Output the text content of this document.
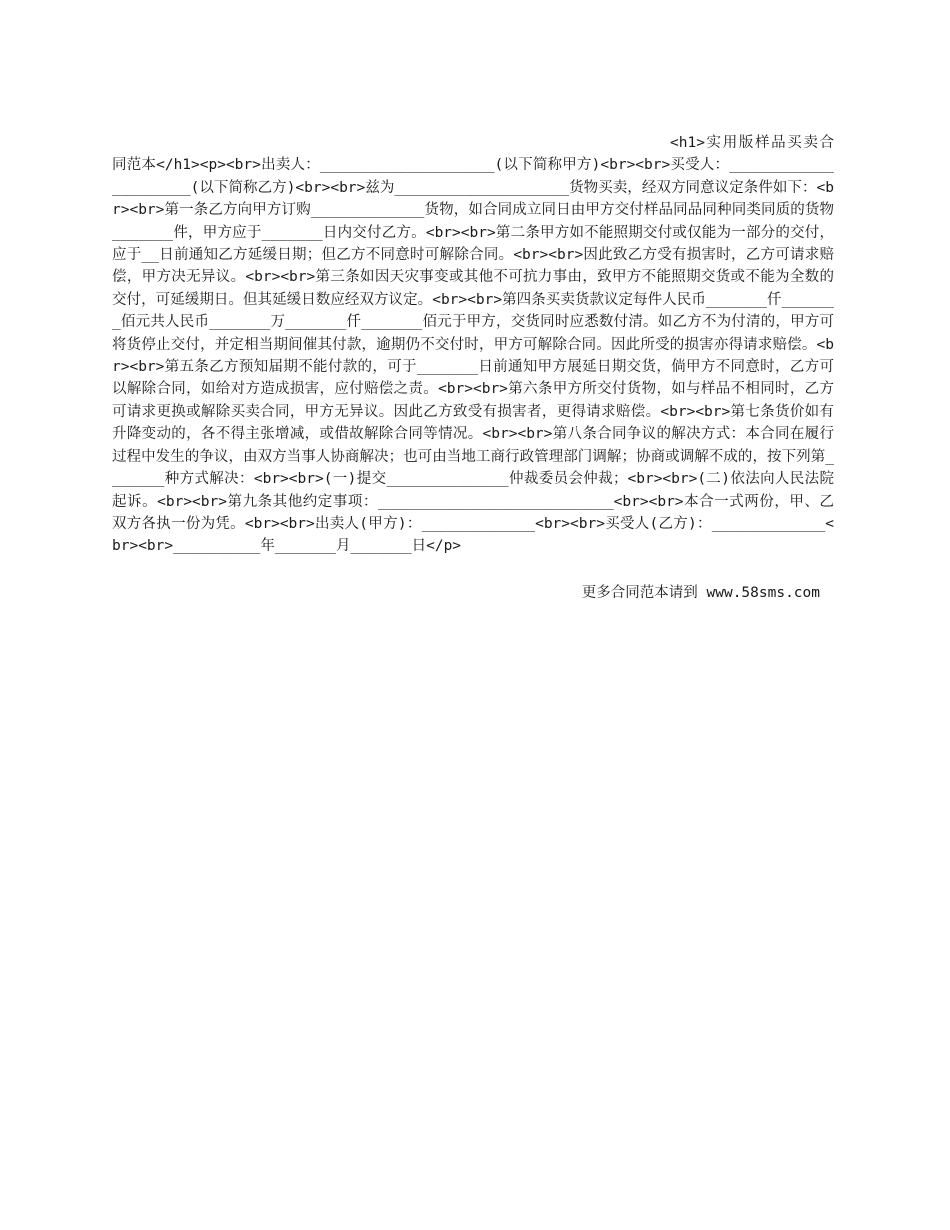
<h1>实用版样品买卖合同范本</h1><p><br>出卖人：____________________(以下简称甲方)<br><br>买受人：_____________________(以下简称乙方)<br><br>兹为____________________货物买卖，经双方同意议定条件如下：<br><br>第一条乙方向甲方订购_____________货物，如合同成立同日由甲方交付样品同品同种同类同质的货物_______件，甲方应于_______日内交付乙方。<br><br>第二条甲方如不能照期交付或仅能为一部分的交付，应于__日前通知乙方延缓日期；但乙方不同意时可解除合同。<br><br>因此致乙方受有损害时，乙方可请求赔偿，甲方决无异议。<br><br>第三条如因天灾事变或其他不可抗力事由，致甲方不能照期交货或不能为全数的交付，可延缓期日。但其延缓日数应经双方议定。<br><br>第四条买卖货款议定每件人民币_______仟_______佰元共人民币_______万_______仟_______佰元于甲方，交货同时应悉数付清。如乙方不为付清的，甲方可将货停止交付，并定相当期间催其付款，逾期仍不交付时，甲方可解除合同。因此所受的损害亦得请求赔偿。<br><br>第五条乙方预知届期不能付款的，可于_______日前通知甲方展延日期交货，倘甲方不同意时，乙方可以解除合同，如给对方造成损害，应付赔偿之责。<br><br>第六条甲方所交付货物，如与样品不相同时，乙方可请求更换或解除买卖合同，甲方无异议。因此乙方致受有损害者，更得请求赔偿。<br><br>第七条货价如有升降变动的，各不得主张增减，或借故解除合同等情况。<br><br>第八条合同争议的解决方式：本合同在履行过程中发生的争议，由双方当事人协商解决；也可由当地工商行政管理部门调解；协商或调解不成的，按下列第_______种方式解决：<br><br>(一)提交______________仲裁委员会仲裁；<br><br>(二)依法向人民法院起诉。<br><br>第九条其他约定事项：___________________________<br><br>本合一式两份，甲、乙双方各执一份为凭。<br><br>出卖人(甲方)：_____________<br><br>买受人(乙方)：_____________<br><br>__________年_______月_______日</p>
更多合同范本请到 www.58sms.com
